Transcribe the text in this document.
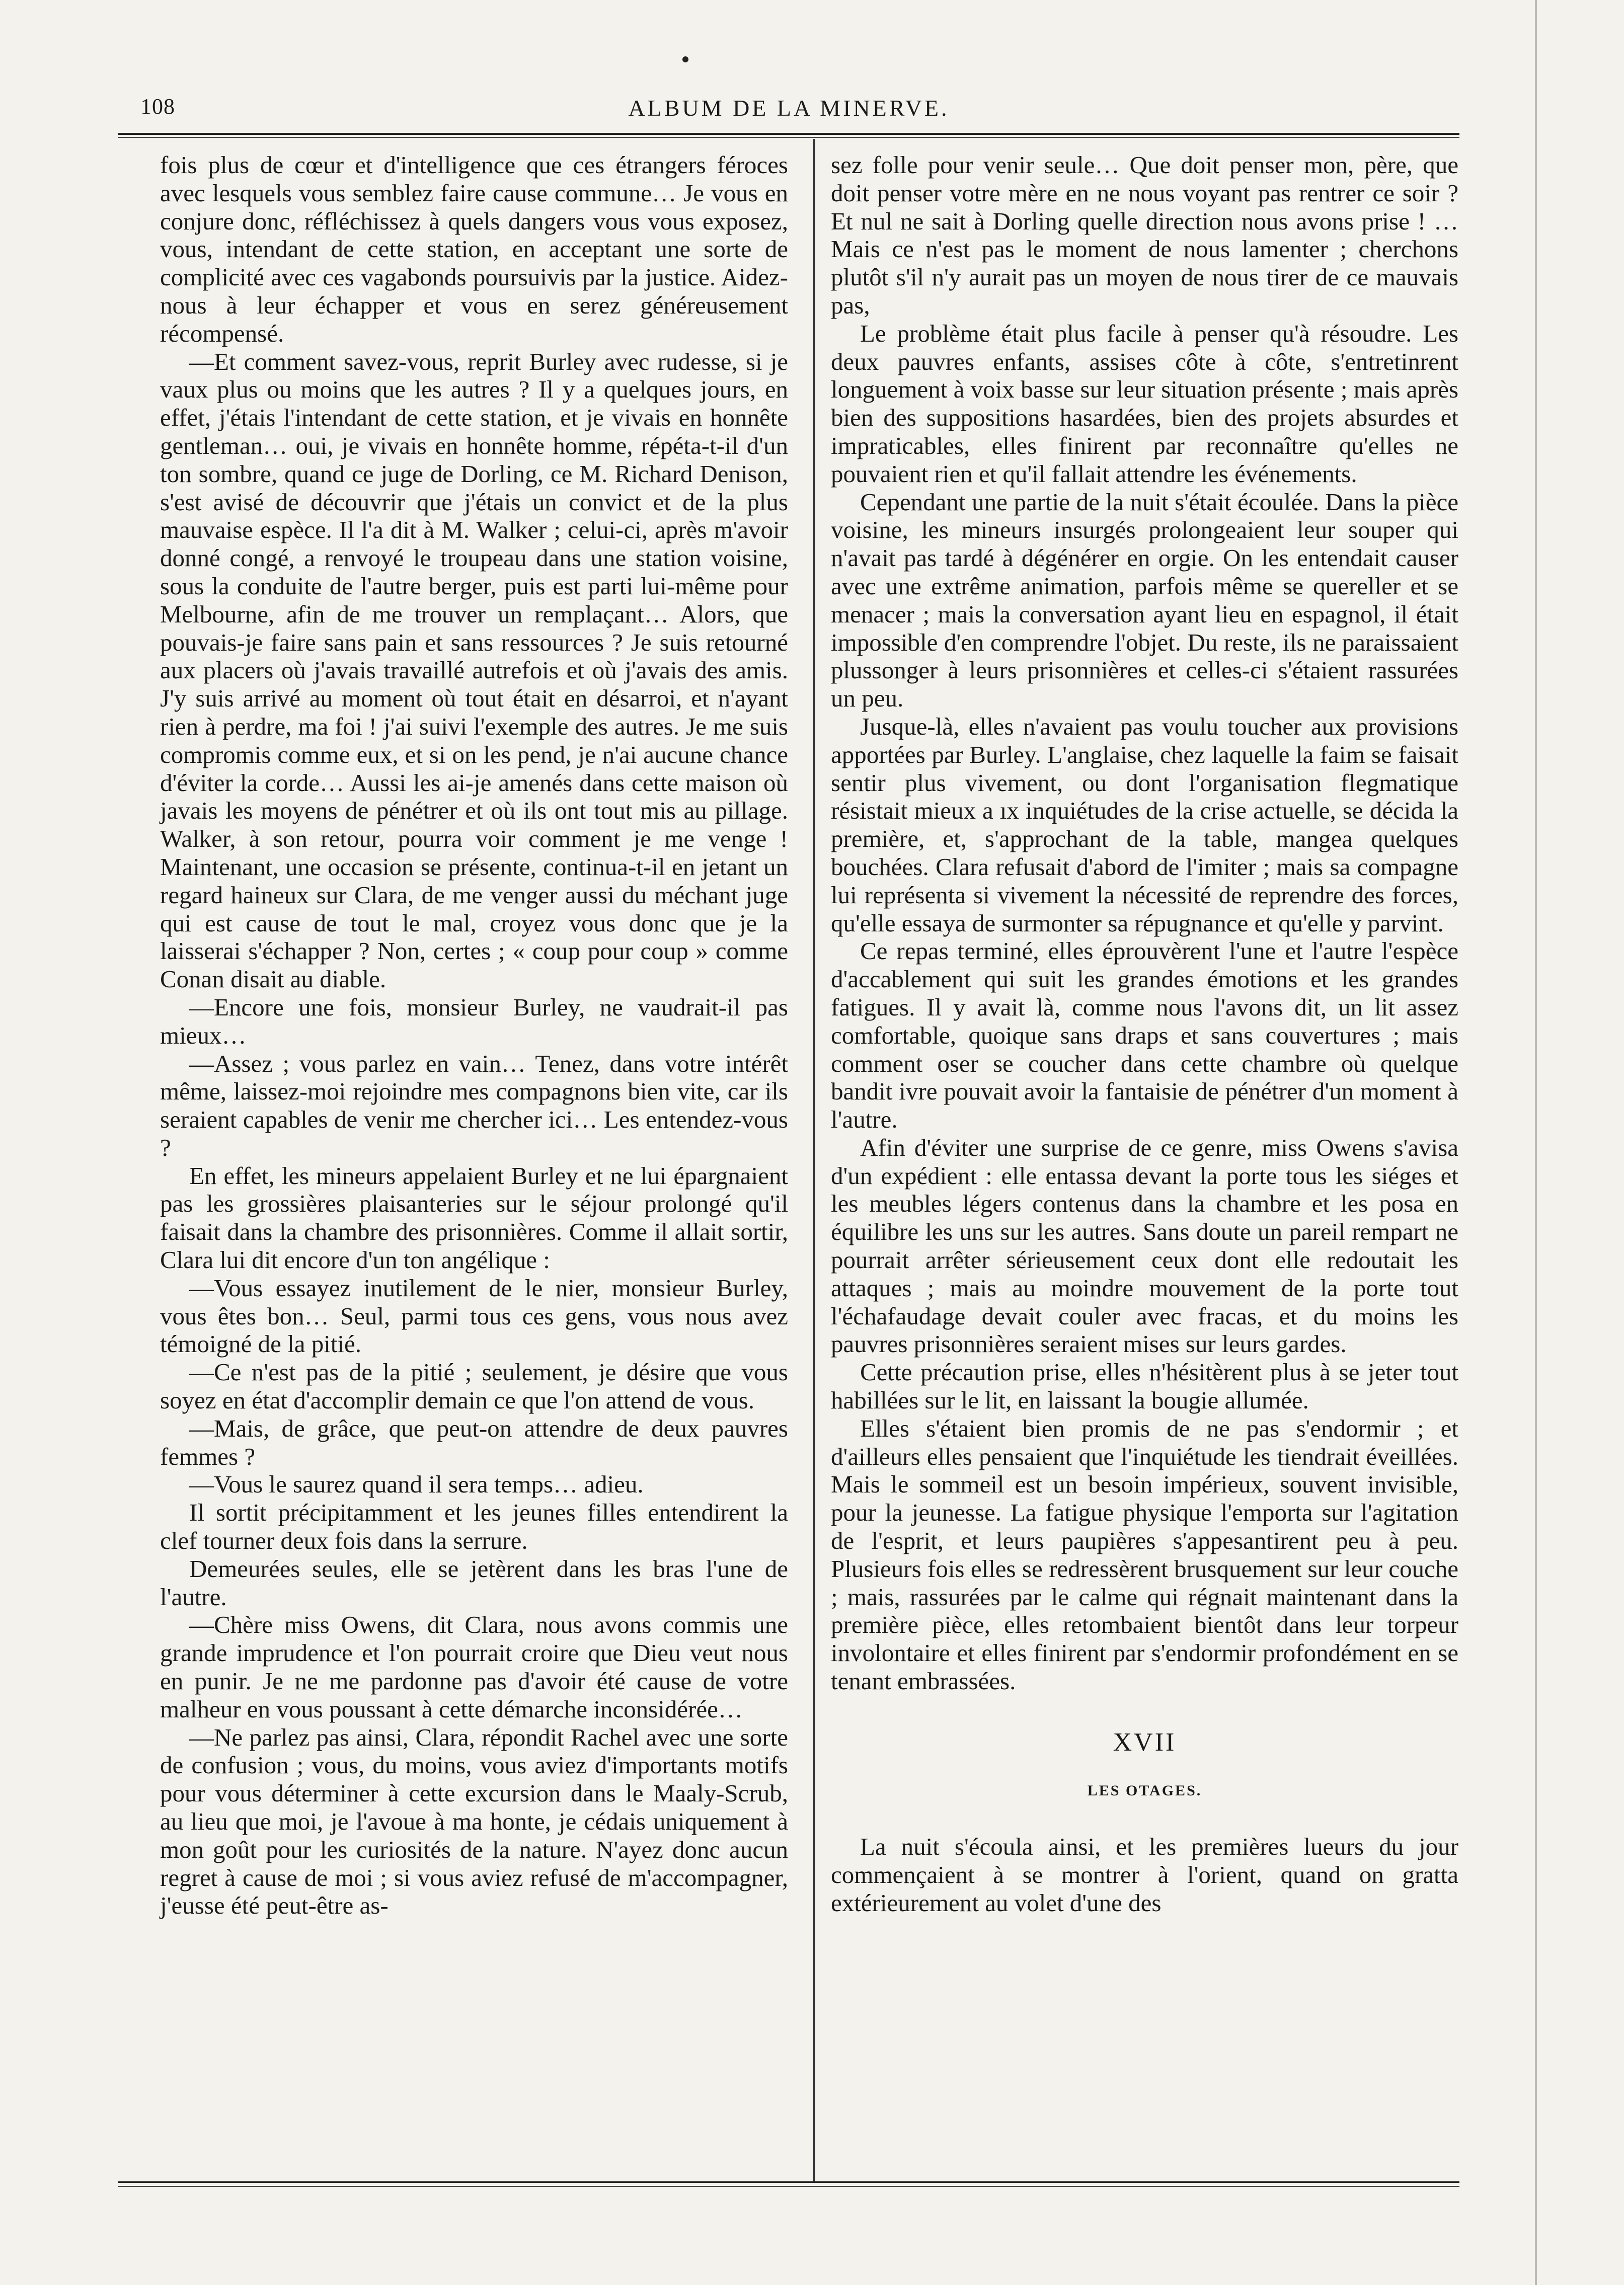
108	ALBUM DE LA MINERVE.

fois plus de cœur et d'intelligence que ces étrangers féroces avec lesquels vous semblez faire cause commune… Je vous en conjure donc, réfléchissez à quels dangers vous vous exposez, vous, intendant de cette station, en acceptant une sorte de complicité avec ces vagabonds poursuivis par la justice. Aidez-nous à leur échapper et vous en serez généreusement récompensé.

—Et comment savez-vous, reprit Burley avec rudesse, si je vaux plus ou moins que les autres ? Il y a quelques jours, en effet, j'étais l'intendant de cette station, et je vivais en honnête gentleman… oui, je vivais en honnête homme, répéta-t-il d'un ton sombre, quand ce juge de Dorling, ce M. Richard Denison, s'est avisé de découvrir que j'étais un convict et de la plus mauvaise espèce. Il l'a dit à M. Walker ; celui-ci, après m'avoir donné congé, a renvoyé le troupeau dans une station voisine, sous la conduite de l'autre berger, puis est parti lui-même pour Melbourne, afin de me trouver un remplaçant… Alors, que pouvais-je faire sans pain et sans ressources ? Je suis retourné aux placers où j'avais travaillé autrefois et où j'avais des amis. J'y suis arrivé au moment où tout était en désarroi, et n'ayant rien à perdre, ma foi ! j'ai suivi l'exemple des autres. Je me suis compromis comme eux, et si on les pend, je n'ai aucune chance d'éviter la corde… Aussi les ai-je amenés dans cette maison où javais les moyens de pénétrer et où ils ont tout mis au pillage. Walker, à son retour, pourra voir comment je me venge ! Maintenant, une occasion se présente, continua-t-il en jetant un regard haineux sur Clara, de me venger aussi du méchant juge qui est cause de tout le mal, croyez vous donc que je la laisserai s'échapper ? Non, certes ; « coup pour coup » comme Conan disait au diable.

—Encore une fois, monsieur Burley, ne vaudrait-il pas mieux…

—Assez ; vous parlez en vain… Tenez, dans votre intérêt même, laissez-moi rejoindre mes compagnons bien vite, car ils seraient capables de venir me chercher ici… Les entendez-vous ?

En effet, les mineurs appelaient Burley et ne lui épargnaient pas les grossières plaisanteries sur le séjour prolongé qu'il faisait dans la chambre des prisonnières. Comme il allait sortir, Clara lui dit encore d'un ton angélique :

—Vous essayez inutilement de le nier, monsieur Burley, vous êtes bon… Seul, parmi tous ces gens, vous nous avez témoigné de la pitié.

—Ce n'est pas de la pitié ; seulement, je désire que vous soyez en état d'accomplir demain ce que l'on attend de vous.

—Mais, de grâce, que peut-on attendre de deux pauvres femmes ?

—Vous le saurez quand il sera temps… adieu.

Il sortit précipitamment et les jeunes filles entendirent la clef tourner deux fois dans la serrure.

Demeurées seules, elle se jetèrent dans les bras l'une de l'autre.

—Chère miss Owens, dit Clara, nous avons commis une grande imprudence et l'on pourrait croire que Dieu veut nous en punir. Je ne me pardonne pas d'avoir été cause de votre malheur en vous poussant à cette démarche inconsidérée…

—Ne parlez pas ainsi, Clara, répondit Rachel avec une sorte de confusion ; vous, du moins, vous aviez d'importants motifs pour vous déterminer à cette excursion dans le Maaly-Scrub, au lieu que moi, je l'avoue à ma honte, je cédais uniquement à mon goût pour les curiosités de la nature. N'ayez donc aucun regret à cause de moi ; si vous aviez refusé de m'accompagner, j'eusse été peut-être as-

sez folle pour venir seule… Que doit penser mon, père, que doit penser votre mère en ne nous voyant pas rentrer ce soir ? Et nul ne sait à Dorling quelle direction nous avons prise ! …Mais ce n'est pas le moment de nous lamenter ; cherchons plutôt s'il n'y aurait pas un moyen de nous tirer de ce mauvais pas,

Le problème était plus facile à penser qu'à résoudre. Les deux pauvres enfants, assises côte à côte, s'entretinrent longuement à voix basse sur leur situation présente ; mais après bien des suppositions hasardées, bien des projets absurdes et impraticables, elles finirent par reconnaître qu'elles ne pouvaient rien et qu'il fallait attendre les événements.

Cependant une partie de la nuit s'était écoulée. Dans la pièce voisine, les mineurs insurgés prolongeaient leur souper qui n'avait pas tardé à dégénérer en orgie. On les entendait causer avec une extrême animation, parfois même se quereller et se menacer ; mais la conversation ayant lieu en espagnol, il était impossible d'en comprendre l'objet. Du reste, ils ne paraissaient plussonger à leurs prisonnières et celles-ci s'étaient rassurées un peu.

Jusque-là, elles n'avaient pas voulu toucher aux provisions apportées par Burley. L'anglaise, chez laquelle la faim se faisait sentir plus vivement, ou dont l'organisation flegmatique résistait mieux a ıx inquiétudes de la crise actuelle, se décida la première, et, s'approchant de la table, mangea quelques bouchées. Clara refusait d'abord de l'imiter ; mais sa compagne lui représenta si vivement la nécessité de reprendre des forces, qu'elle essaya de surmonter sa répugnance et qu'elle y parvint.

Ce repas terminé, elles éprouvèrent l'une et l'autre l'espèce d'accablement qui suit les grandes émotions et les grandes fatigues. Il y avait là, comme nous l'avons dit, un lit assez comfortable, quoique sans draps et sans couvertures ; mais comment oser se coucher dans cette chambre où quelque bandit ivre pouvait avoir la fantaisie de pénétrer d'un moment à l'autre.

Afin d'éviter une surprise de ce genre, miss Owens s'avisa d'un expédient : elle entassa devant la porte tous les siéges et les meubles légers contenus dans la chambre et les posa en équilibre les uns sur les autres. Sans doute un pareil rempart ne pourrait arrêter sérieusement ceux dont elle redoutait les attaques ; mais au moindre mouvement de la porte tout l'échafaudage devait couler avec fracas, et du moins les pauvres prisonnières seraient mises sur leurs gardes.

Cette précaution prise, elles n'hésitèrent plus à se jeter tout habillées sur le lit, en laissant la bougie allumée.

Elles s'étaient bien promis de ne pas s'endormir ; et d'ailleurs elles pensaient que l'inquiétude les tiendrait éveillées. Mais le sommeil est un besoin impérieux, souvent invisible, pour la jeunesse. La fatigue physique l'emporta sur l'agitation de l'esprit, et leurs paupières s'appesantirent peu à peu. Plusieurs fois elles se redressèrent brusquement sur leur couche ; mais, rassurées par le calme qui régnait maintenant dans la première pièce, elles retombaient bientôt dans leur torpeur involontaire et elles finirent par s'endormir profondément en se tenant embrassées.

XVII

LES OTAGES.

La nuit s'écoula ainsi, et les premières lueurs du jour commençaient à se montrer à l'orient, quand on gratta extérieurement au volet d'une des
